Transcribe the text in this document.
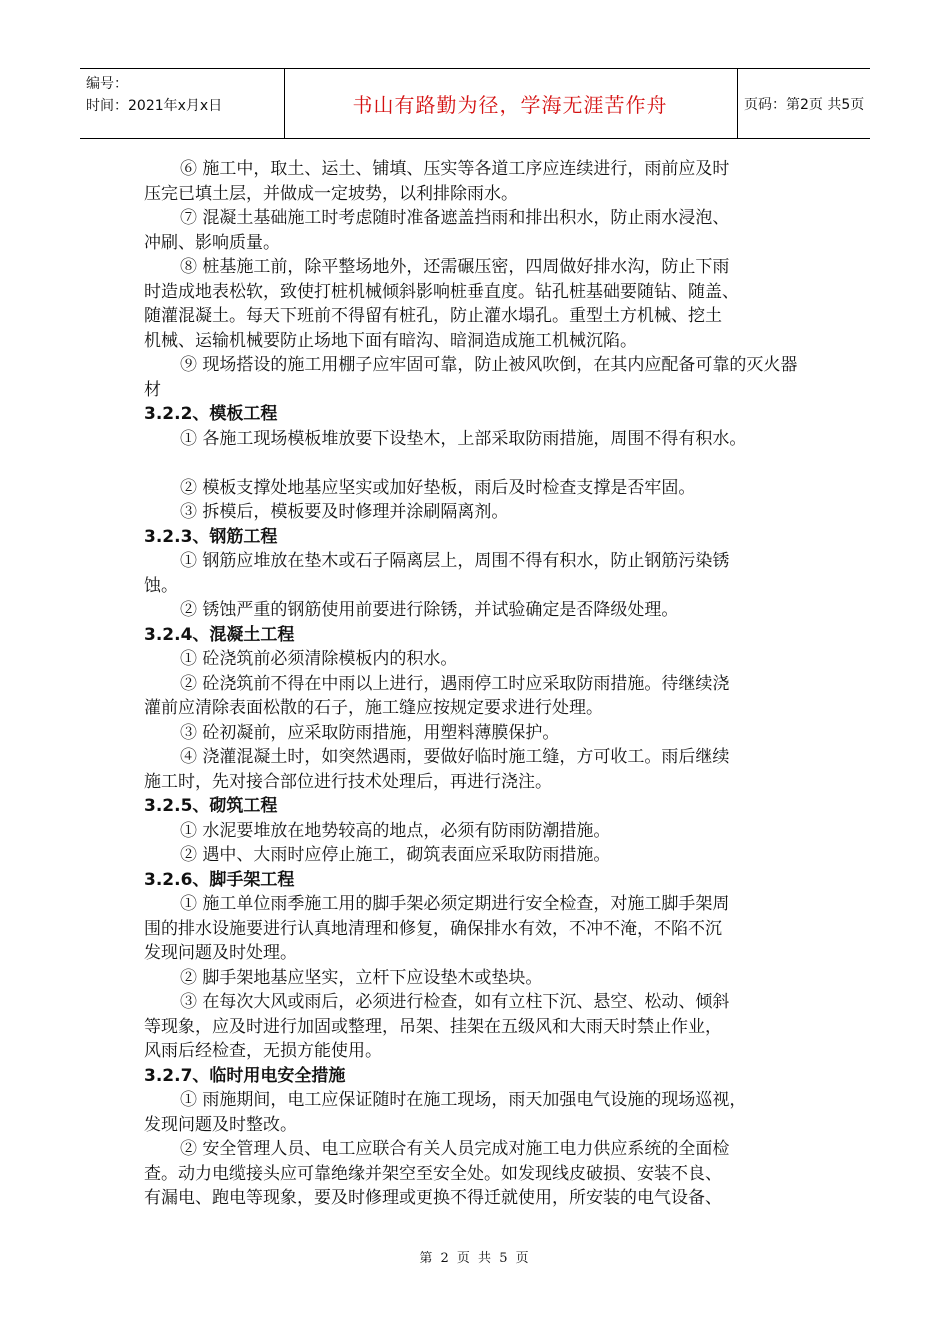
编号：
时间：2021年x月x日	书山有路勤为径，学海无涯苦作舟	页码：第2页 共5页
⑥ 施工中，取土、运土、铺填、压实等各道工序应连续进行，雨前应及时
压完已填土层，并做成一定坡势，以利排除雨水。
⑦ 混凝土基础施工时考虑随时准备遮盖挡雨和排出积水，防止雨水浸泡、
冲刷、影响质量。
⑧ 桩基施工前，除平整场地外，还需碾压密，四周做好排水沟，防止下雨
时造成地表松软，致使打桩机械倾斜影响桩垂直度。钻孔桩基础要随钻、随盖、
随灌混凝土。每天下班前不得留有桩孔，防止灌水塌孔。重型土方机械、挖土
机械、运输机械要防止场地下面有暗沟、暗洞造成施工机械沉陷。
⑨ 现场搭设的施工用棚子应牢固可靠，防止被风吹倒，在其内应配备可靠的灭火器
材
3.2.2、模板工程
① 各施工现场模板堆放要下设垫木，上部采取防雨措施，周围不得有积水。
② 模板支撑处地基应坚实或加好垫板，雨后及时检查支撑是否牢固。
③ 拆模后，模板要及时修理并涂刷隔离剂。
3.2.3、钢筋工程
① 钢筋应堆放在垫木或石子隔离层上，周围不得有积水，防止钢筋污染锈
蚀。
② 锈蚀严重的钢筋使用前要进行除锈，并试验确定是否降级处理。
3.2.4、混凝土工程
① 砼浇筑前必须清除模板内的积水。
② 砼浇筑前不得在中雨以上进行，遇雨停工时应采取防雨措施。待继续浇
灌前应清除表面松散的石子，施工缝应按规定要求进行处理。
③ 砼初凝前，应采取防雨措施，用塑料薄膜保护。
④ 浇灌混凝土时，如突然遇雨，要做好临时施工缝，方可收工。雨后继续
施工时，先对接合部位进行技术处理后，再进行浇注。
3.2.5、砌筑工程
① 水泥要堆放在地势较高的地点，必须有防雨防潮措施。
② 遇中、大雨时应停止施工，砌筑表面应采取防雨措施。
3.2.6、脚手架工程
① 施工单位雨季施工用的脚手架必须定期进行安全检查，对施工脚手架周
围的排水设施要进行认真地清理和修复，确保排水有效，不冲不淹，不陷不沉
发现问题及时处理。
② 脚手架地基应坚实，立杆下应设垫木或垫块。
③ 在每次大风或雨后，必须进行检查，如有立柱下沉、悬空、松动、倾斜
等现象，应及时进行加固或整理，吊架、挂架在五级风和大雨天时禁止作业，
风雨后经检查，无损方能使用。
3.2.7、临时用电安全措施
① 雨施期间，电工应保证随时在施工现场，雨天加强电气设施的现场巡视，
发现问题及时整改。
② 安全管理人员、电工应联合有关人员完成对施工电力供应系统的全面检
查。动力电缆接头应可靠绝缘并架空至安全处。如发现线皮破损、安装不良、
有漏电、跑电等现象，要及时修理或更换不得迁就使用，所安装的电气设备、
第 2 页 共 5 页
